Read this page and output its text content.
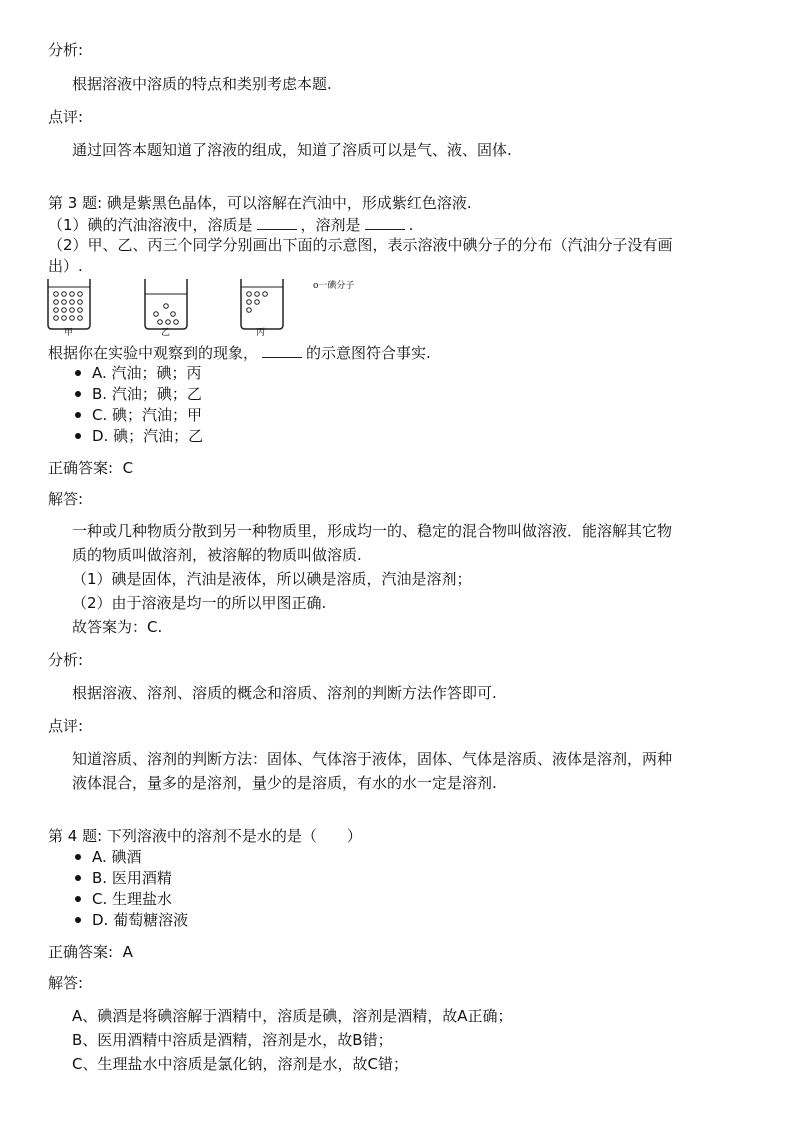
分析:
根据溶液中溶质的特点和类别考虑本题.
点评:
通过回答本题知道了溶液的组成，知道了溶质可以是气、液、固体.
第 3 题: 碘是紫黑色晶体，可以溶解在汽油中，形成紫红色溶液.
（1）碘的汽油溶液中，溶质是	，溶剂是	.
（2）甲、乙、丙三个同学分别画出下面的示意图，表示溶液中碘分子的分布（汽油分子没有画
出）.
甲	乙	丙
o一碘分子
根据你在实验中观察到的现象，	的示意图符合事实.
A. 汽油；碘；丙
B. 汽油；碘；乙
C. 碘；汽油；甲
D. 碘；汽油；乙
正确答案: C
解答:
一种或几种物质分散到另一种物质里，形成均一的、稳定的混合物叫做溶液．能溶解其它物
质的物质叫做溶剂，被溶解的物质叫做溶质.
（1）碘是固体，汽油是液体，所以碘是溶质，汽油是溶剂；
（2）由于溶液是均一的所以甲图正确.
故答案为：C.
分析:
根据溶液、溶剂、溶质的概念和溶质、溶剂的判断方法作答即可.
点评:
知道溶质、溶剂的判断方法：固体、气体溶于液体，固体、气体是溶质、液体是溶剂，两种
液体混合，量多的是溶剂，量少的是溶质，有水的水一定是溶剂.
第 4 题: 下列溶液中的溶剂不是水的是（　　）
A. 碘酒
B. 医用酒精
C. 生理盐水
D. 葡萄糖溶液
正确答案: A
解答:
A、碘酒是将碘溶解于酒精中，溶质是碘，溶剂是酒精，故A正确；
B、医用酒精中溶质是酒精，溶剂是水，故B错；
C、生理盐水中溶质是氯化钠，溶剂是水，故C错；
